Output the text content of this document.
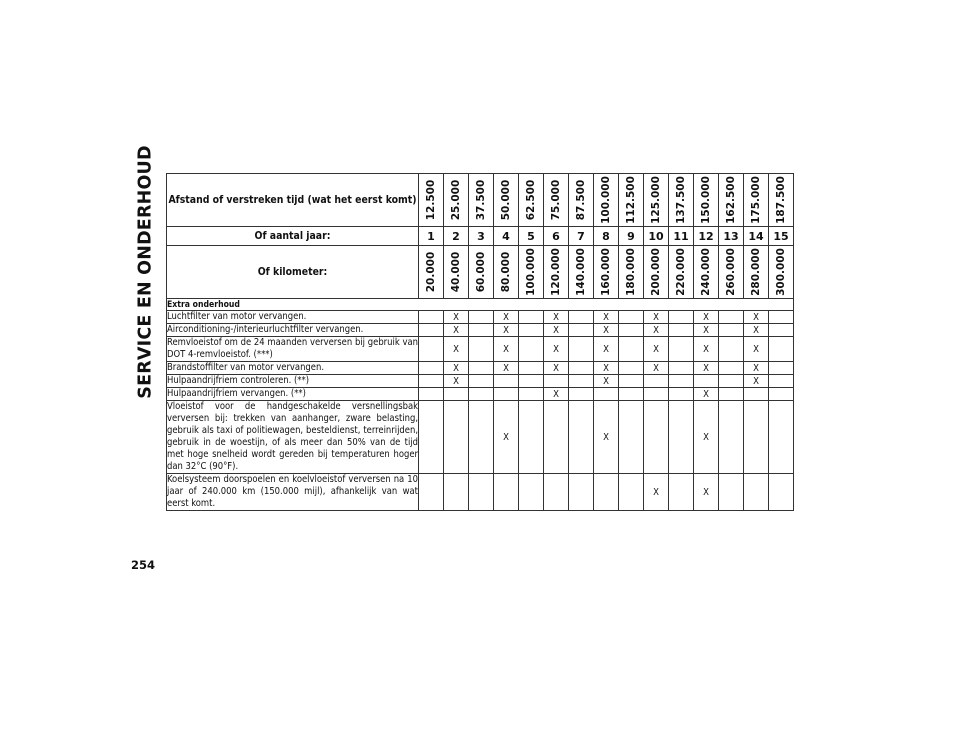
SERVICE EN ONDERHOUD Afstand of verstreken tijd (wat het eerst komt)	12.500	25.000	37.500	50.000	62.500	75.000	87.500	100.000	112.500	125.000	137.500	150.000	162.500	175.000	187.500

Of aantal jaar:	1	2	3	4	5	6	7	8	9	10	11	12	13	14	15
Of kilometer:	20.000	40.000	60.000	80.000	100.000	120.000	140.000	160.000	180.000	200.000	220.000	240.000	260.000	280.000	300.000

Extra onderhoud															
Luchtfilter van motor vervangen.		X		X		X		X		X		X		X	
Airconditioning-/interieurluchtfilter vervangen.		X		X		X		X		X		X		X	
Remvloeistof om de 24 maanden verversen bij gebruik van DOT 4-remvloeistof. (***)		X		X		X		X		X		X		X	
Brandstoffilter van motor vervangen.		X		X		X		X		X		X		X	
Hulpaandrijfriem controleren. (**)		X						X						X	
Hulpaandrijfriem vervangen. (**)						X						X			
Vloeistof voor de handgeschakelde versnellingsbak verversen bij: trekken van aanhanger, zware belasting, gebruik als taxi of politiewagen, besteldienst, terreinrijden, gebruik in de woestijn, of als meer dan 50% van de tijd met hoge snelheid wordt gereden bij temperaturen hoger dan 32°C (90°F).				X				X				X			
Koelsysteem doorspoelen en koelvloeistof verversen na 10 jaar of 240.000 km (150.000 mijl), afhankelijk van wat eerst komt.										X		X			
254
